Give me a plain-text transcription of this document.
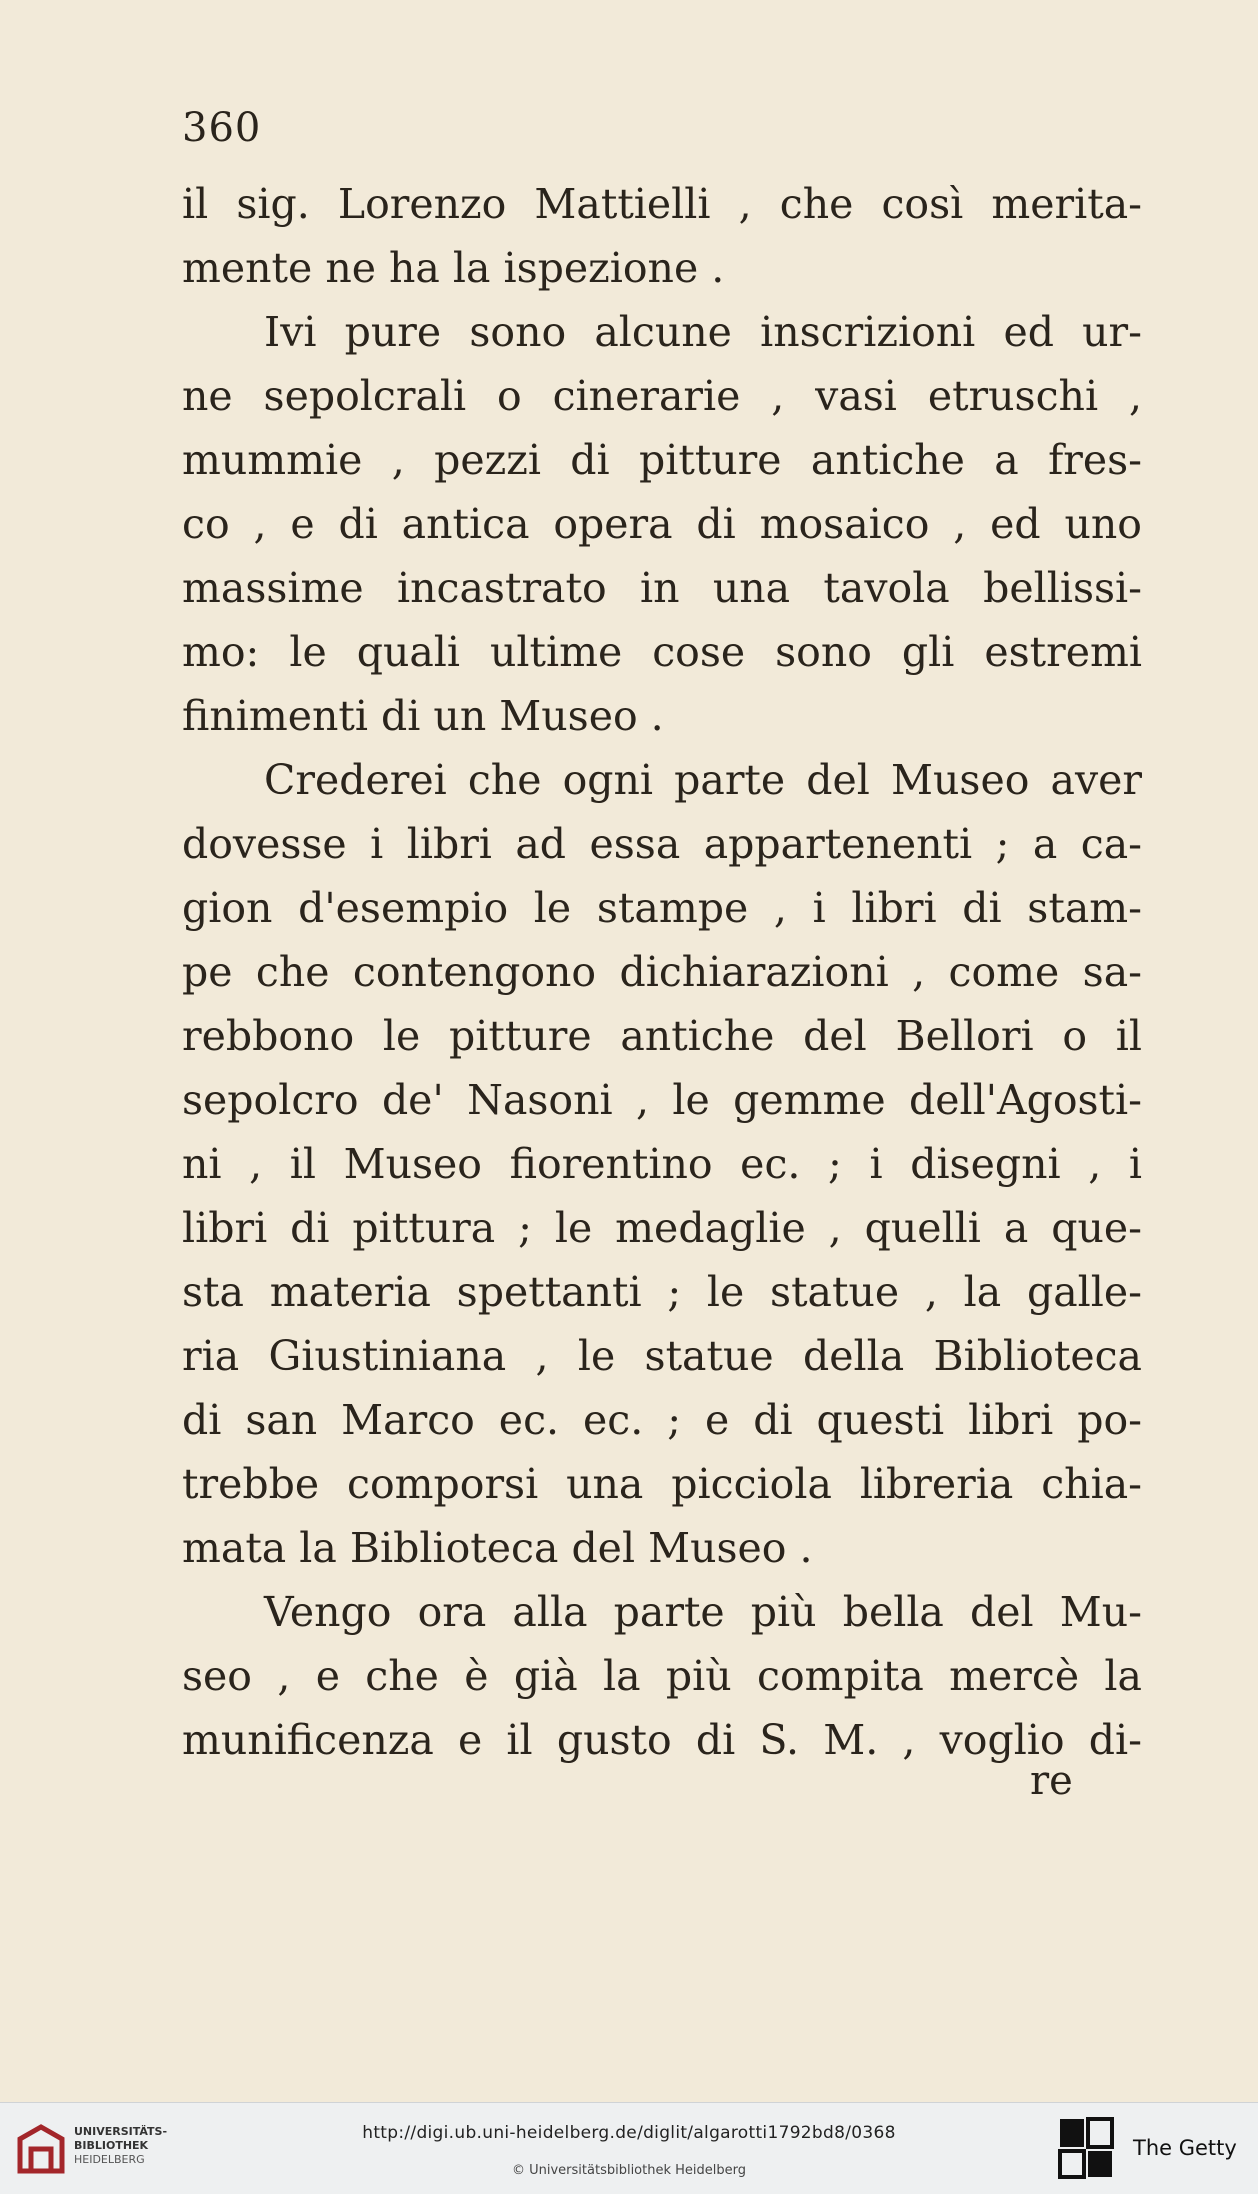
360
il sig. Lorenzo Mattielli , che così merita-
mente ne ha la ispezione .
Ivi pure sono alcune inscrizioni ed ur-
ne sepolcrali o cinerarie , vasi etruschi ,
mummie , pezzi di pitture antiche a fres-
co , e di antica opera di mosaico , ed uno
massime incastrato in una tavola bellissi-
mo: le quali ultime cose sono gli estremi
finimenti di un Museo .
Crederei che ogni parte del Museo aver
dovesse i libri ad essa appartenenti ; a ca-
gion d'esempio le stampe , i libri di stam-
pe che contengono dichiarazioni , come sa-
rebbono le pitture antiche del Bellori o il
sepolcro de' Nasoni , le gemme dell'Agosti-
ni , il Museo fiorentino ec. ; i disegni , i
libri di pittura ; le medaglie , quelli a que-
sta materia spettanti ; le statue , la galle-
ria Giustiniana , le statue della Biblioteca
di san Marco ec. ec. ; e di questi libri po-
trebbe comporsi una picciola libreria chia-
mata la Biblioteca del Museo .
Vengo ora alla parte più bella del Mu-
seo , e che è già la più compita mercè la
munificenza e il gusto di S. M. , voglio di-
re
UNIVERSITÄTS-
BIBLIOTHEK
HEIDELBERG
http://digi.ub.uni-heidelberg.de/diglit/algarotti1792bd8/0368
© Universitätsbibliothek Heidelberg
The Getty
